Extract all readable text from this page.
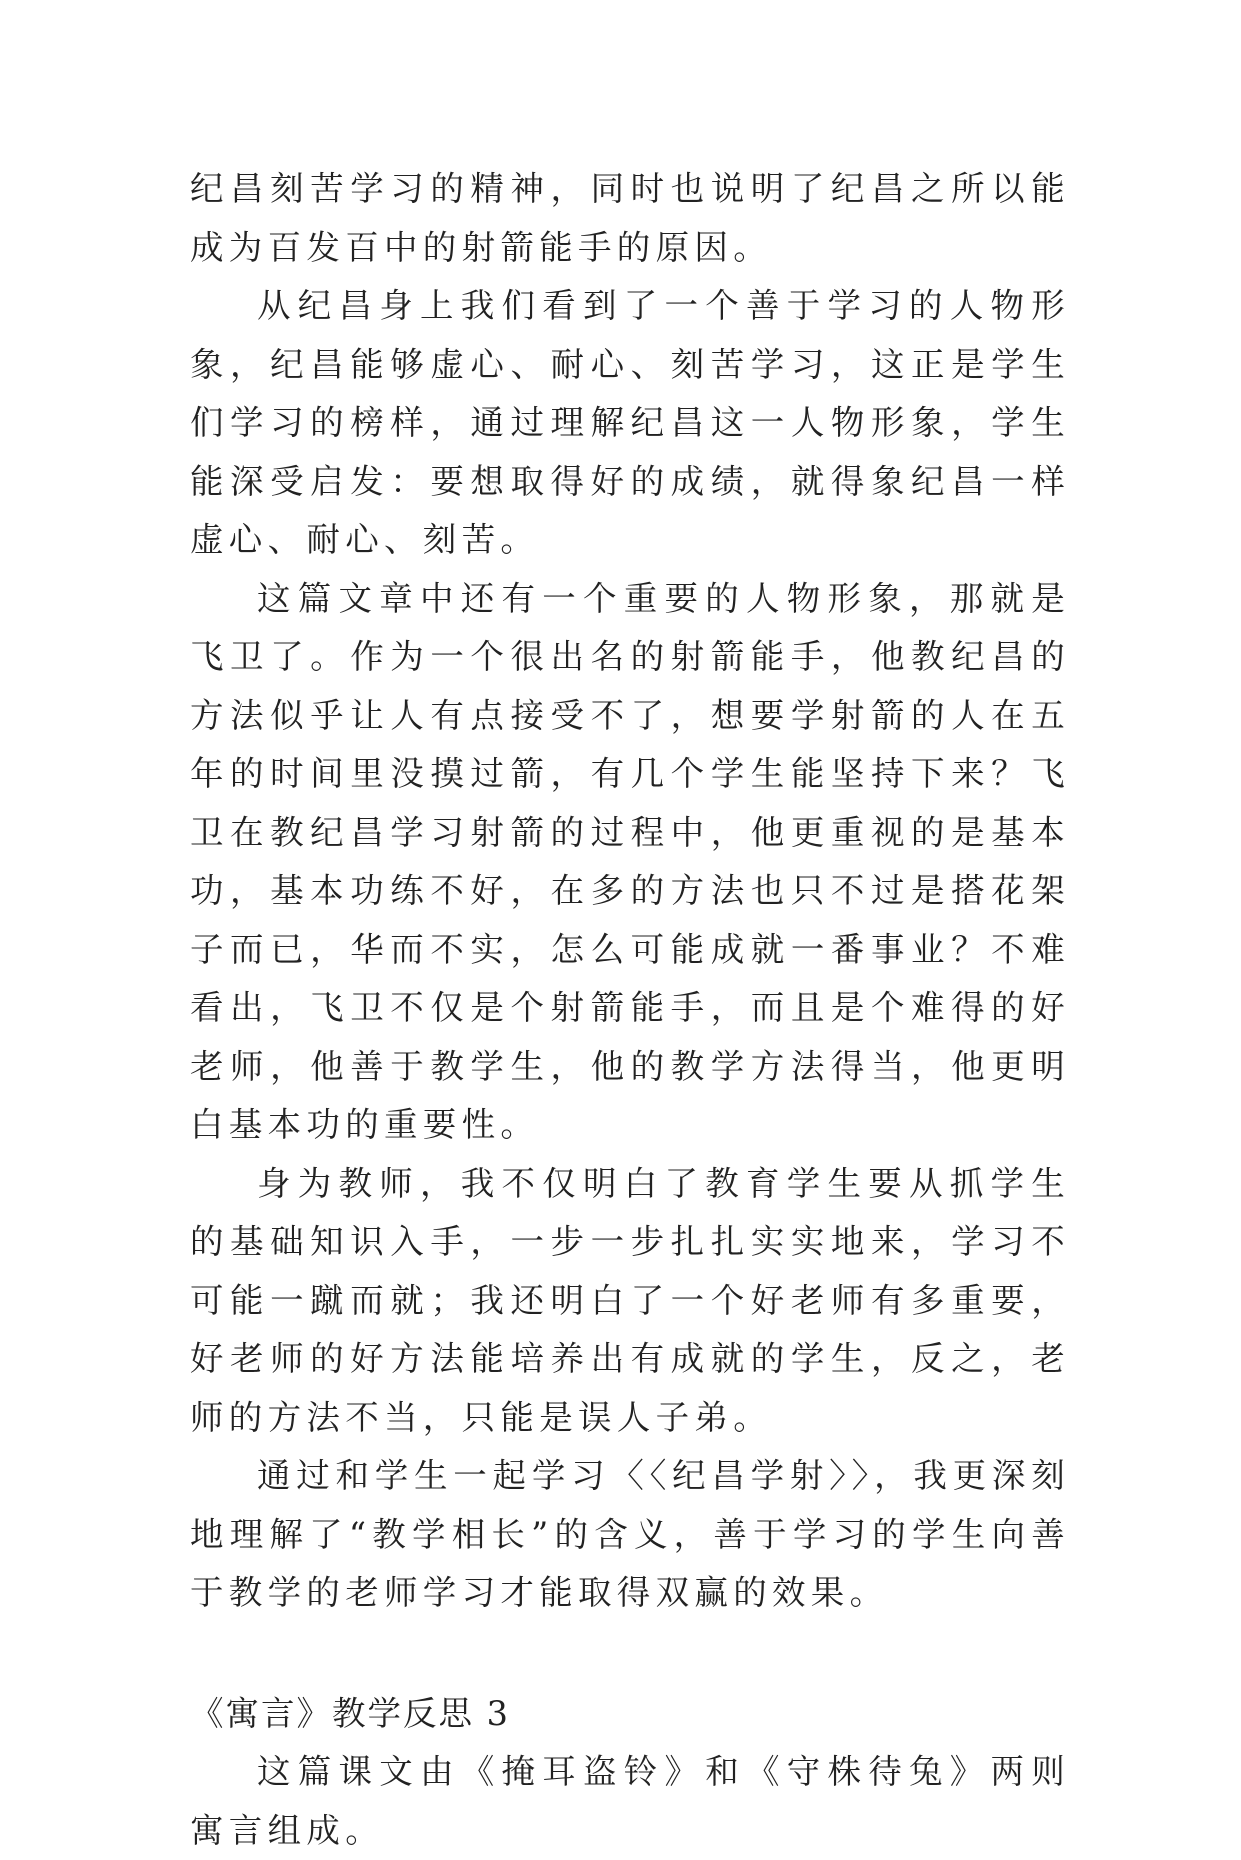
纪昌刻苦学习的精神，同时也说明了纪昌之所以能成为百发百中的射箭能手的原因。

从纪昌身上我们看到了一个善于学习的人物形象，纪昌能够虚心、耐心、刻苦学习，这正是学生们学习的榜样，通过理解纪昌这一人物形象，学生能深受启发：要想取得好的成绩，就得象纪昌一样虚心、耐心、刻苦。

这篇文章中还有一个重要的人物形象，那就是飞卫了。作为一个很出名的射箭能手，他教纪昌的方法似乎让人有点接受不了，想要学射箭的人在五年的时间里没摸过箭，有几个学生能坚持下来？飞卫在教纪昌学习射箭的过程中，他更重视的是基本功，基本功练不好，在多的方法也只不过是搭花架子而已，华而不实，怎么可能成就一番事业？不难看出，飞卫不仅是个射箭能手，而且是个难得的好老师，他善于教学生，他的教学方法得当，他更明白基本功的重要性。

身为教师，我不仅明白了教育学生要从抓学生的基础知识入手，一步一步扎扎实实地来，学习不可能一蹴而就；我还明白了一个好老师有多重要，好老师的好方法能培养出有成就的学生，反之，老师的方法不当，只能是误人子弟。

通过和学生一起学习〈〈纪昌学射〉〉，我更深刻地理解了“教学相长”的含义，善于学习的学生向善于教学的老师学习才能取得双赢的效果。

《寓言》教学反思 3

这篇课文由《掩耳盗铃》和《守株待兔》两则寓言组成。
